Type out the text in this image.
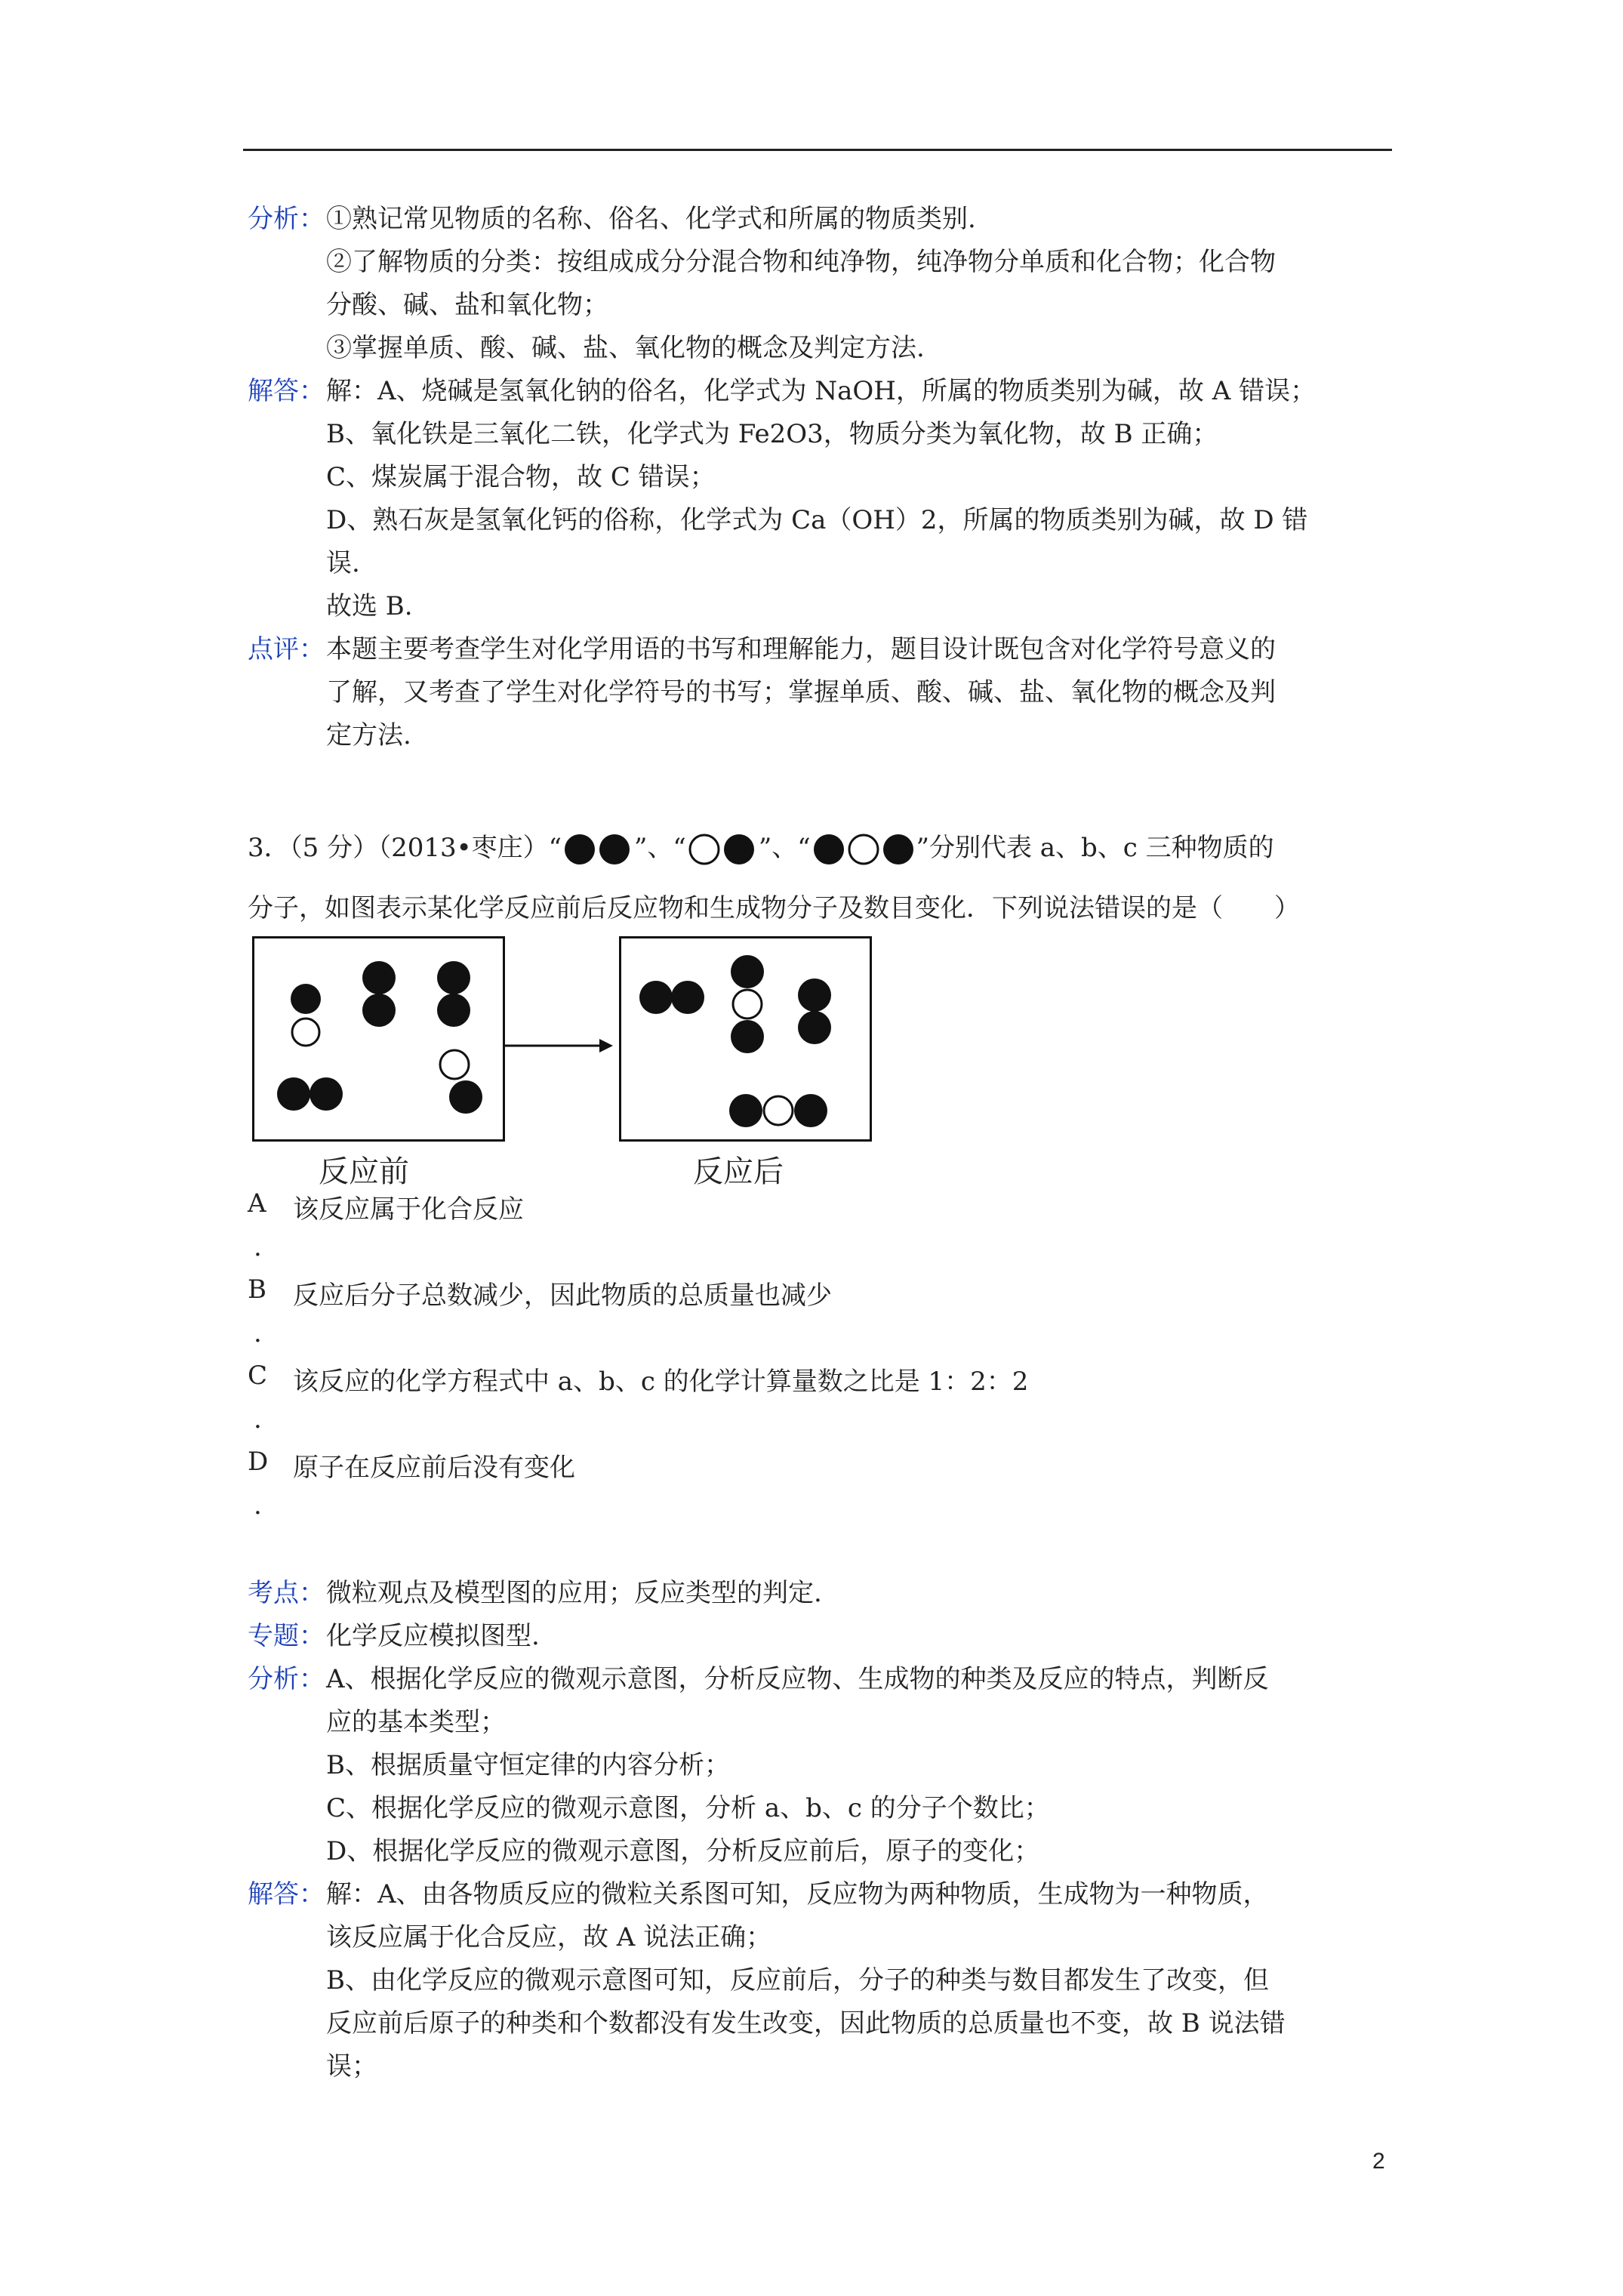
分析： ①熟记常见物质的名称、俗名、化学式和所属的物质类别.
②了解物质的分类：按组成成分分混合物和纯净物，纯净物分单质和化合物；化合物
分酸、碱、盐和氧化物；
③掌握单质、酸、碱、盐、氧化物的概念及判定方法.
解答： 解：A、烧碱是氢氧化钠的俗名，化学式为 NaOH，所属的物质类别为碱，故 A 错误；
B、氧化铁是三氧化二铁，化学式为 Fe2O3，物质分类为氧化物，故 B 正确；
C、煤炭属于混合物，故 C 错误；
D、熟石灰是氢氧化钙的俗称，化学式为 Ca（OH）2，所属的物质类别为碱，故 D 错
误.
故选 B.
点评： 本题主要考查学生对化学用语的书写和理解能力，题目设计既包含对化学符号意义的
了解，又考查了学生对化学符号的书写；掌握单质、酸、碱、盐、氧化物的概念及判
定方法.
3．（5 分）（2013•枣庄）“	”、“	”、“	”分别代表 a、b、c 三种物质的
分子，如图表示某化学反应前后反应物和生成物分子及数目变化．下列说法错误的是（　　）
反应前	反应后
A 该反应属于化合反应
.
B 反应后分子总数减少，因此物质的总质量也减少
.
C 该反应的化学方程式中 a、b、c 的化学计算量数之比是 1：2：2
.
D 原子在反应前后没有变化
.
考点： 微粒观点及模型图的应用；反应类型的判定.
专题： 化学反应模拟图型.
分析： A、根据化学反应的微观示意图，分析反应物、生成物的种类及反应的特点，判断反
应的基本类型；
B、根据质量守恒定律的内容分析；
C、根据化学反应的微观示意图，分析 a、b、c 的分子个数比；
D、根据化学反应的微观示意图，分析反应前后，原子的变化；
解答： 解：A、由各物质反应的微粒关系图可知，反应物为两种物质，生成物为一种物质，
该反应属于化合反应，故 A 说法正确；
B、由化学反应的微观示意图可知，反应前后，分子的种类与数目都发生了改变，但
反应前后原子的种类和个数都没有发生改变，因此物质的总质量也不变，故 B 说法错
误；
2
